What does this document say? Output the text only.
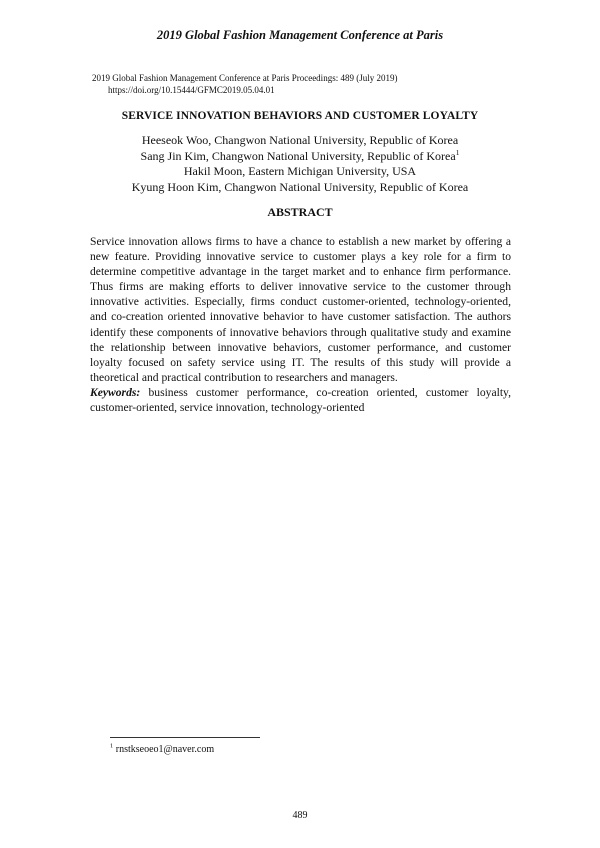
2019 Global Fashion Management Conference at Paris
2019 Global Fashion Management Conference at Paris Proceedings: 489 (July 2019)
https://doi.org/10.15444/GFMC2019.05.04.01
SERVICE INNOVATION BEHAVIORS AND CUSTOMER LOYALTY
Heeseok Woo, Changwon National University, Republic of Korea
Sang Jin Kim, Changwon National University, Republic of Korea$^1$
Hakil Moon, Eastern Michigan University, USA
Kyung Hoon Kim, Changwon National University, Republic of Korea
ABSTRACT
Service innovation allows firms to have a chance to establish a new market by offering a new feature. Providing innovative service to customer plays a key role for a firm to determine competitive advantage in the target market and to enhance firm performance. Thus firms are making efforts to deliver innovative service to the customer through innovative activities. Especially, firms conduct customer-oriented, technology-oriented, and co-creation oriented innovative behavior to have customer satisfaction. The authors identify these components of innovative behaviors through qualitative study and examine the relationship between innovative behaviors, customer performance, and customer loyalty focused on safety service using IT. The results of this study will provide a theoretical and practical contribution to researchers and managers.
Keywords: business customer performance, co-creation oriented, customer loyalty, customer-oriented, service innovation, technology-oriented
$^1$ rnstkseoeo1@naver.com
489
